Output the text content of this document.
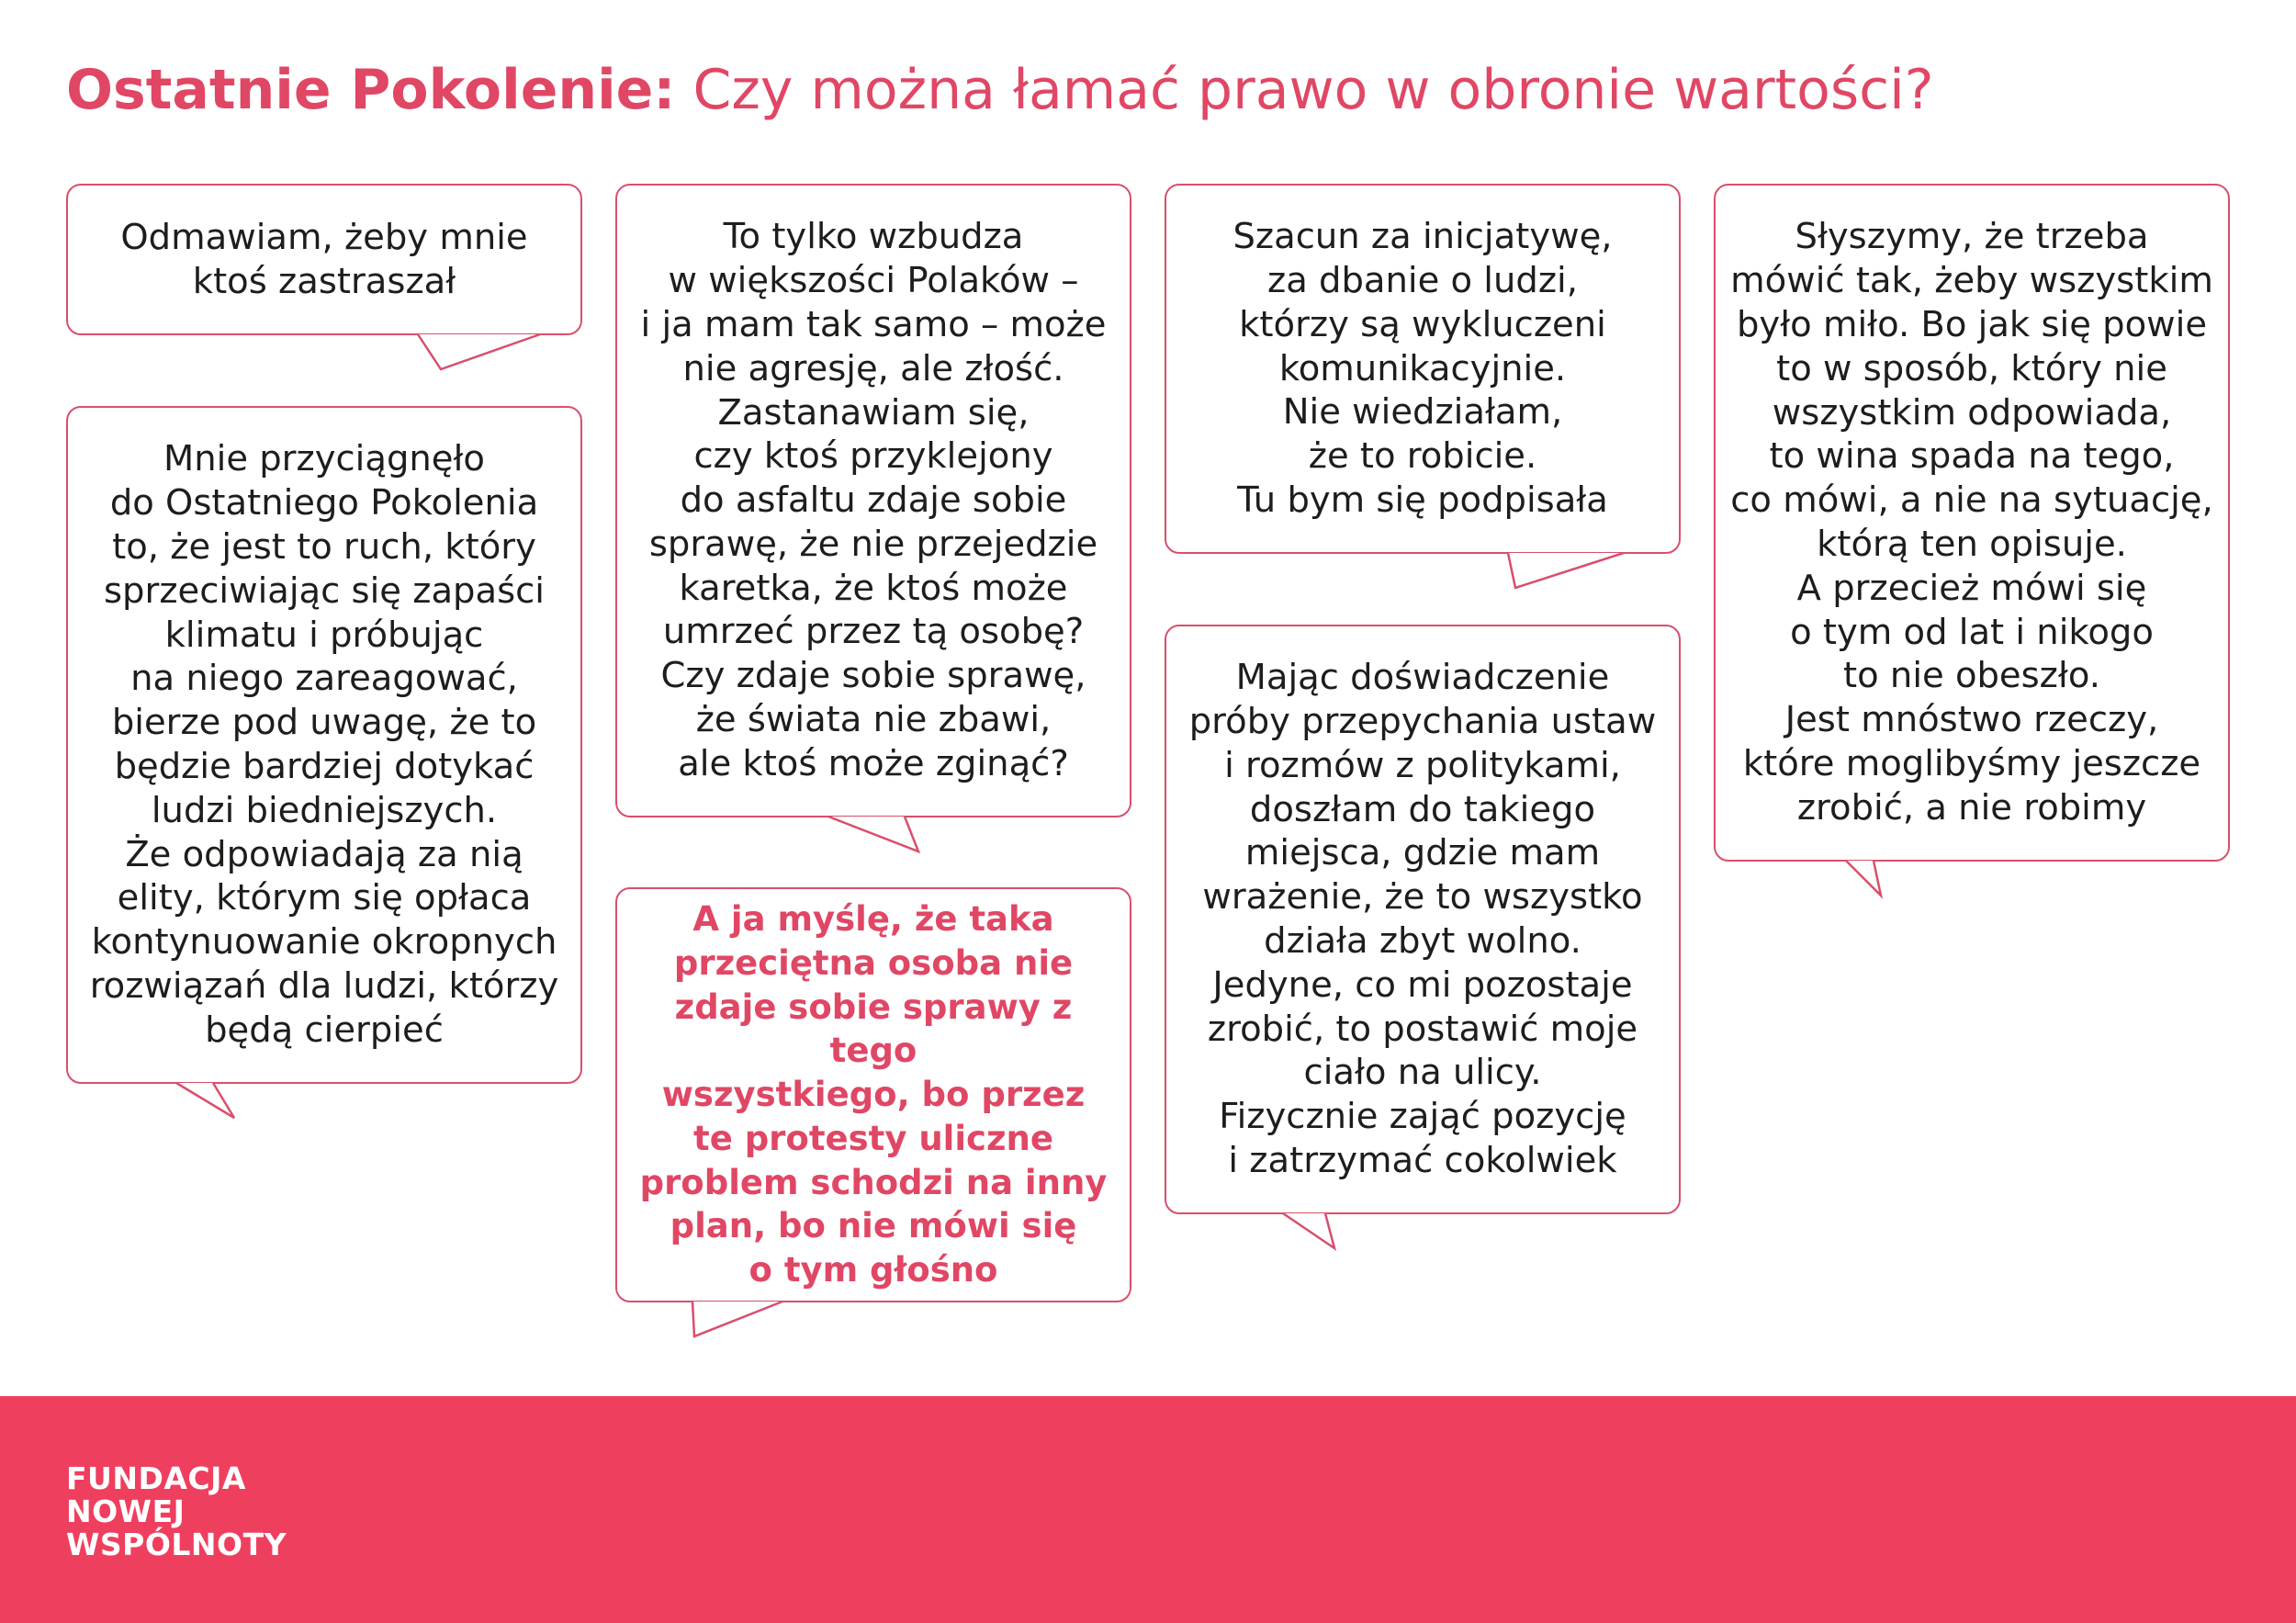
Ostatnie Pokolenie: Czy można łamać prawo w obronie wartości?
Odmawiam, żeby mnie
ktoś zastraszał
Mnie przyciągnęło
do Ostatniego Pokolenia
to, że jest to ruch, który
sprzeciwiając się zapaści
klimatu i próbując
na niego zareagować,
bierze pod uwagę, że to
będzie bardziej dotykać
ludzi biedniejszych.
Że odpowiadają za nią
elity, którym się opłaca
kontynuowanie okropnych
rozwiązań dla ludzi, którzy
będą cierpieć
To tylko wzbudza
w większości Polaków –
i ja mam tak samo – może
nie agresję, ale złość.
Zastanawiam się,
czy ktoś przyklejony
do asfaltu zdaje sobie
sprawę, że nie przejedzie
karetka, że ktoś może
umrzeć przez tą osobę?
Czy zdaje sobie sprawę,
że świata nie zbawi,
ale ktoś może zginąć?
A ja myślę, że taka
przeciętna osoba nie
zdaje sobie sprawy z tego
wszystkiego, bo przez
te protesty uliczne
problem schodzi na inny
plan, bo nie mówi się
o tym głośno
Szacun za inicjatywę,
za dbanie o ludzi,
którzy są wykluczeni
komunikacyjnie.
Nie wiedziałam,
że to robicie.
Tu bym się podpisała
Mając doświadczenie
próby przepychania ustaw
i rozmów z politykami,
doszłam do takiego
miejsca, gdzie mam
wrażenie, że to wszystko
działa zbyt wolno.
Jedyne, co mi pozostaje
zrobić, to postawić moje
ciało na ulicy.
Fizycznie zająć pozycję
i zatrzymać cokolwiek
Słyszymy, że trzeba
mówić tak, żeby wszystkim
było miło. Bo jak się powie
to w sposób, który nie
wszystkim odpowiada,
to wina spada na tego,
co mówi, a nie na sytuację,
którą ten opisuje.
A przecież mówi się
o tym od lat i nikogo
to nie obeszło.
Jest mnóstwo rzeczy,
które moglibyśmy jeszcze
zrobić, a nie robimy
FUNDACJA
NOWEJ
WSPÓLNOTY
